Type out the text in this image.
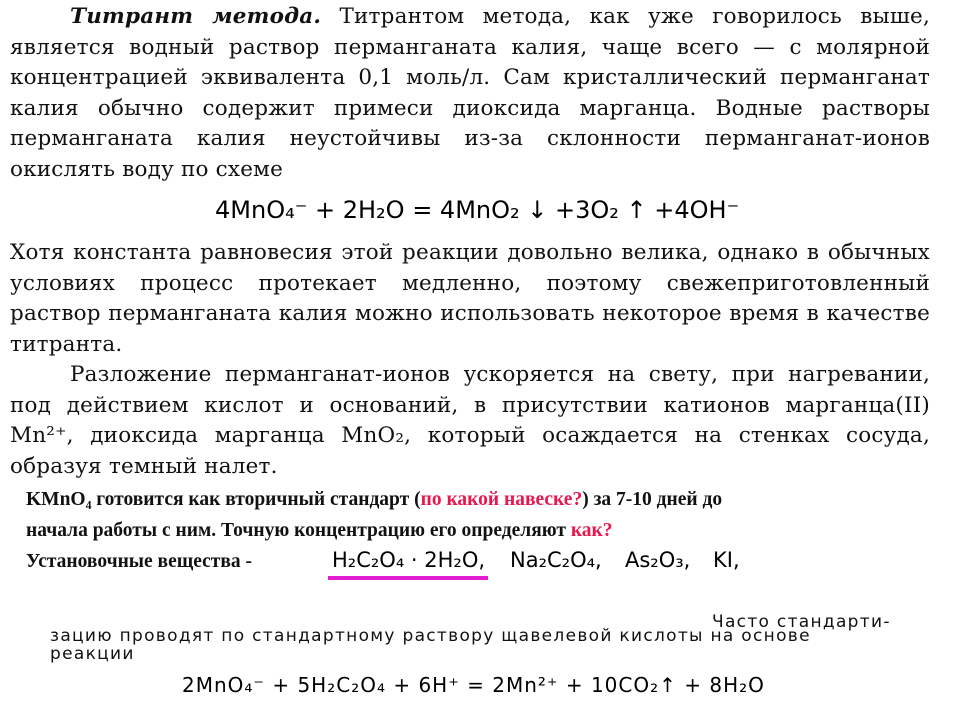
Титрант метода. Титрантом метода, как уже говорилось выше, является водный раствор перманганата калия, чаще всего — с молярной концентрацией эквивалента 0,1 моль/л. Сам кристаллический перманганат калия обычно содержит примеси диоксида марганца. Водные растворы перманганата калия неустойчивы из-за склонности перманганат-ионов окислять воду по схеме
4MnO₄⁻ + 2H₂O = 4MnO₂ ↓ +3O₂ ↑ +4OH⁻
Хотя константа равновесия этой реакции довольно велика, однако в обычных условиях процесс протекает медленно, поэтому свежеприготовленный раствор перманганата калия можно использовать некоторое время в качестве титранта.
Разложение перманганат-ионов ускоряется на свету, при нагревании, под действием кислот и оснований, в присутствии катионов марганца(II) Mn²⁺, диоксида марганца MnO₂, который осаждается на стенках сосуда, образуя темный налет.
KMnO₄ готовится как вторичный стандарт (по какой навеске?) за 7-10 дней до
начала работы с ним. Точную концентрацию его определяют как?
Установочные вещества -	H₂C₂O₄ · 2H₂O, Na₂C₂O₄, As₂O₃, KI,
Часто стандарти-
зацию проводят по стандартному раствору щавелевой кислоты на основе
реакции
2MnO₄⁻ + 5H₂C₂O₄ + 6H⁺ = 2Mn²⁺ + 10CO₂↑ + 8H₂O
